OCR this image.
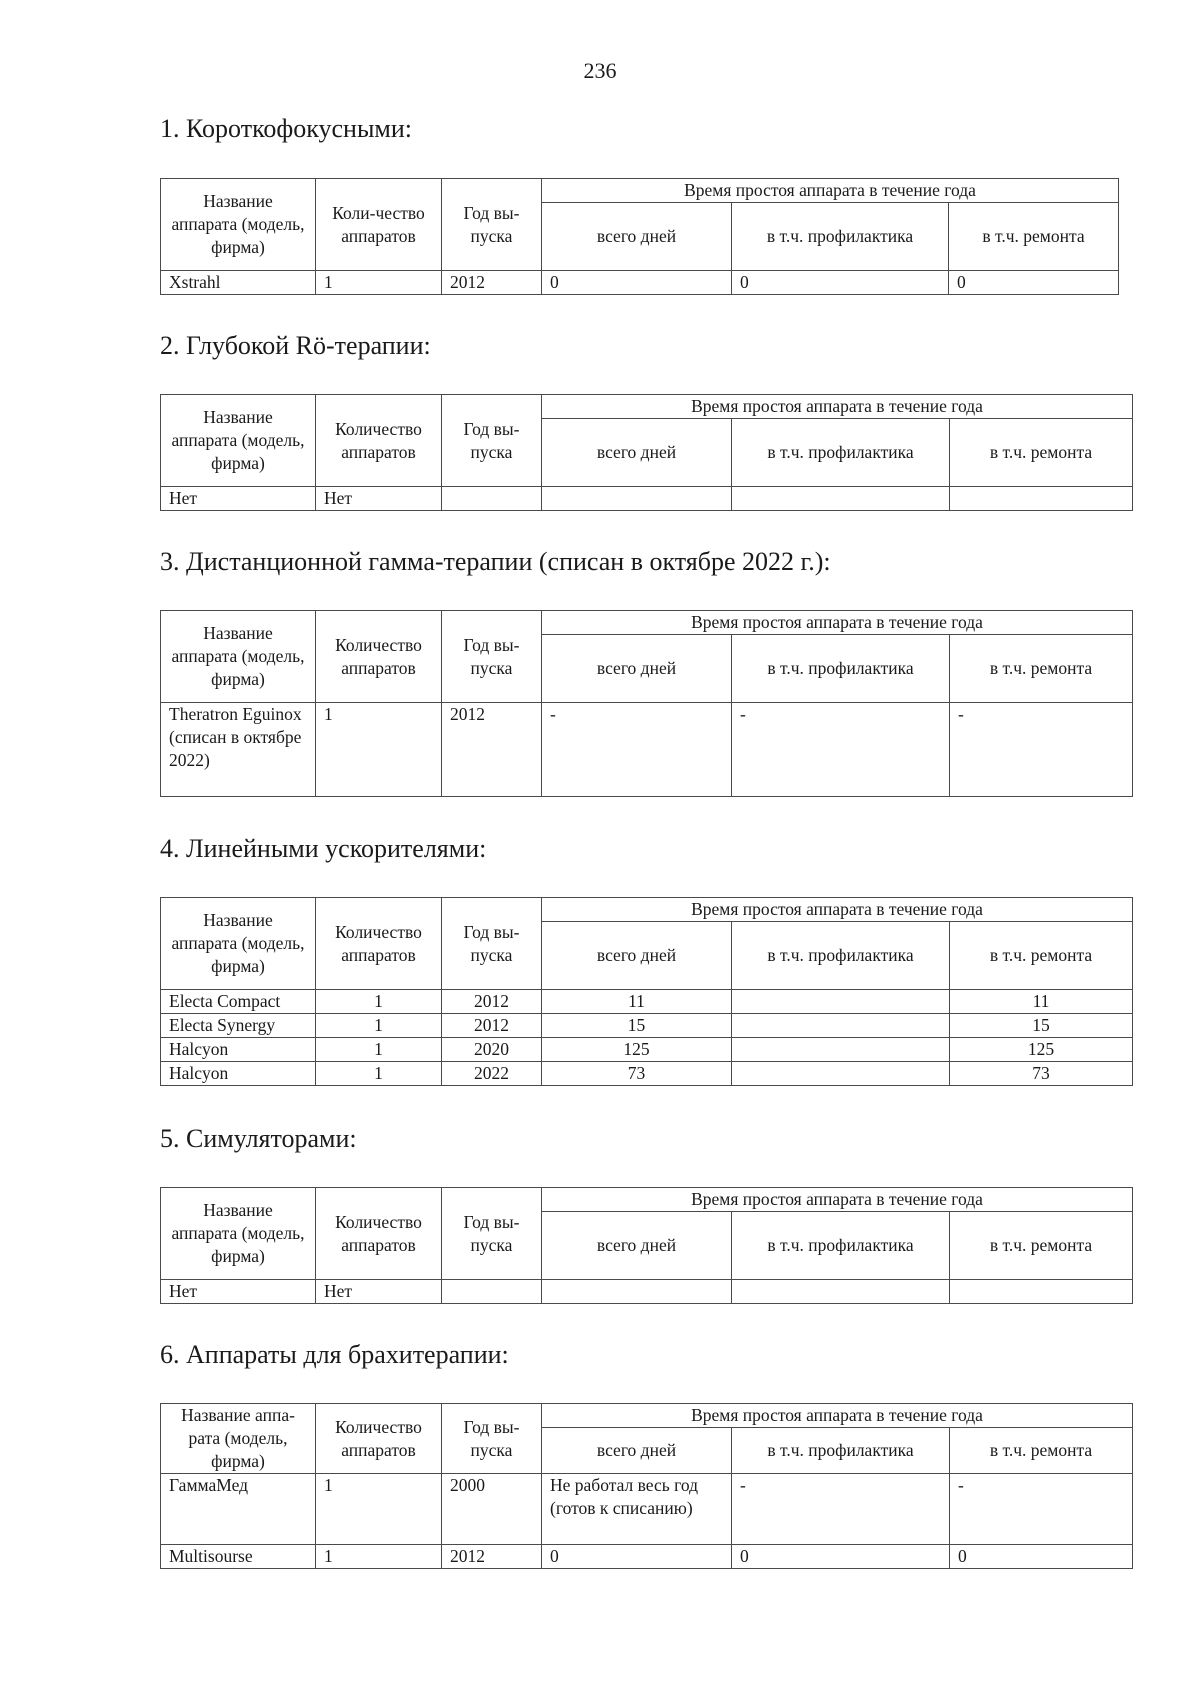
236
1. Короткофокусными:
Название аппарата (модель, фирма)	Коли-чество аппаратов	Год вы-пуска	Время простоя аппарата в течение года		
			всего дней	в т.ч. профилактика	в т.ч. ремонта
Xstrahl	1	2012	0	0	0
2. Глубокой Rö-терапии:
Название аппарата (модель, фирма)	Количество аппаратов	Год вы-пуска	Время простоя аппарата в течение года		
			всего дней	в т.ч. профилактика	в т.ч. ремонта
Нет	Нет				
3. Дистанционной гамма-терапии (списан в октябре 2022 г.):
Название аппарата (модель, фирма)	Количество аппаратов	Год вы-пуска	Время простоя аппарата в течение года		
			всего дней	в т.ч. профилактика	в т.ч. ремонта
Theratron Eguinox (списан в октябре 2022)	1	2012	-	-	-
4. Линейными ускорителями:
Название аппарата (модель, фирма)	Количество аппаратов	Год вы-пуска	Время простоя аппарата в течение года		
			всего дней	в т.ч. профилактика	в т.ч. ремонта
Electa Compact	1	2012	11		11
Electa Synergy	1	2012	15		15
Halcyon	1	2020	125		125
Halcyon	1	2022	73		73
5. Симуляторами:
Название аппарата (модель, фирма)	Количество аппаратов	Год вы-пуска	Время простоя аппарата в течение года		
			всего дней	в т.ч. профилактика	в т.ч. ремонта
Нет	Нет				
6. Аппараты для брахитерапии:
Название аппа-рата (модель, фирма)	Количество аппаратов	Год вы-пуска	Время простоя аппарата в течение года		
			всего дней	в т.ч. профилактика	в т.ч. ремонта
ГаммаМед	1	2000	Не работал весь год (готов к списанию)	-	-
Multisourse	1	2012	0	0	0
